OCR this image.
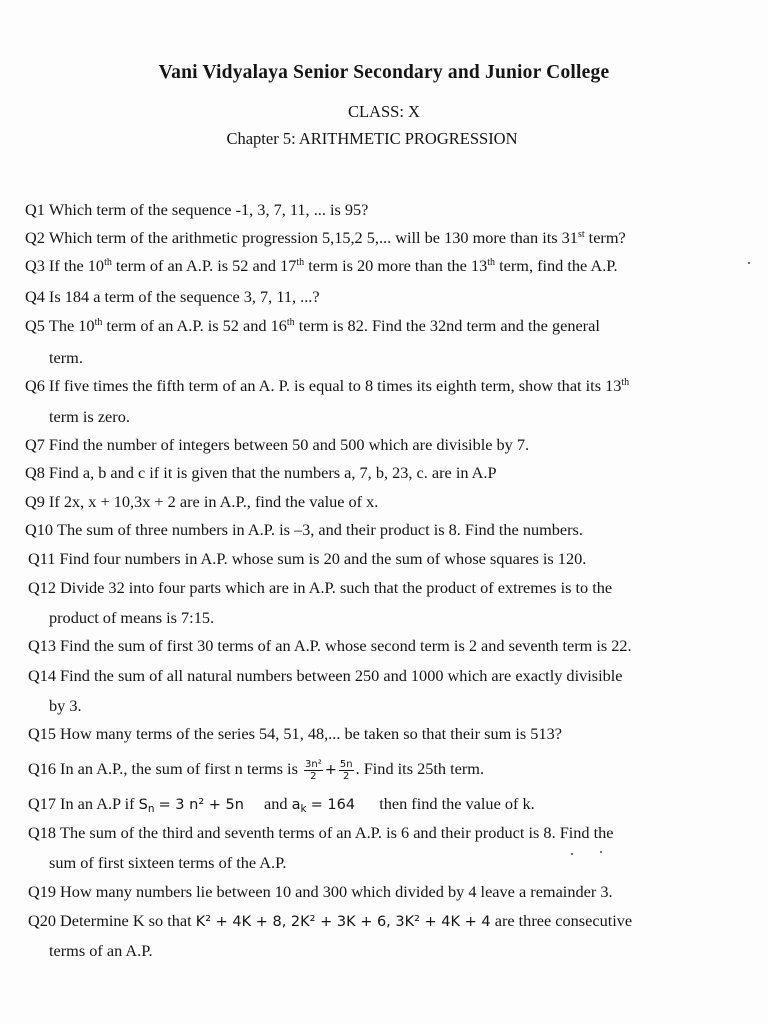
Vani Vidyalaya Senior Secondary and Junior College
CLASS: X
Chapter 5: ARITHMETIC PROGRESSION
Q1 Which term of the sequence -1, 3, 7, 11, ... is 95?
Q2 Which term of the arithmetic progression 5,15,2 5,... will be 130 more than its 31st term?
Q3 If the 10th term of an A.P. is 52 and 17th term is 20 more than the 13th term, find the A.P.
Q4 Is 184 a term of the sequence 3, 7, 11, ...?
Q5 The 10th term of an A.P. is 52 and 16th term is 82. Find the 32nd term and the general
term.
Q6 If five times the fifth term of an A. P. is equal to 8 times its eighth term, show that its 13th
term is zero.
Q7 Find the number of integers between 50 and 500 which are divisible by 7.
Q8 Find a, b and c if it is given that the numbers a, 7, b, 23, c. are in A.P
Q9 If 2x, x + 10,3x + 2 are in A.P., find the value of x.
Q10 The sum of three numbers in A.P. is –3, and their product is 8. Find the numbers.
Q11 Find four numbers in A.P. whose sum is 20 and the sum of whose squares is 120.
Q12 Divide 32 into four parts which are in A.P. such that the product of extremes is to the
product of means is 7:15.
Q13 Find the sum of first 30 terms of an A.P. whose second term is 2 and seventh term is 22.
Q14 Find the sum of all natural numbers between 250 and 1000 which are exactly divisible
by 3.
Q15 How many terms of the series 54, 51, 48,... be taken so that their sum is 513?
Q16 In an A.P., the sum of first n terms is $\frac{\text{3n²}}{2} + \frac{5n}{2}$ . Find its 25th term.
Q17 In an A.P if $S_n = 3$ n² + 5n and $a_k = 164$ then find the value of k.
Q18 The sum of the third and seventh terms of an A.P. is 6 and their product is 8. Find the
sum of first sixteen terms of the A.P.
Q19 How many numbers lie between 10 and 300 which divided by 4 leave a remainder 3.
Q20 Determine K so that K² + 4K + 8, 2K² + 3K + 6, 3K² + 4K + 4 are three consecutive
terms of an A.P.
